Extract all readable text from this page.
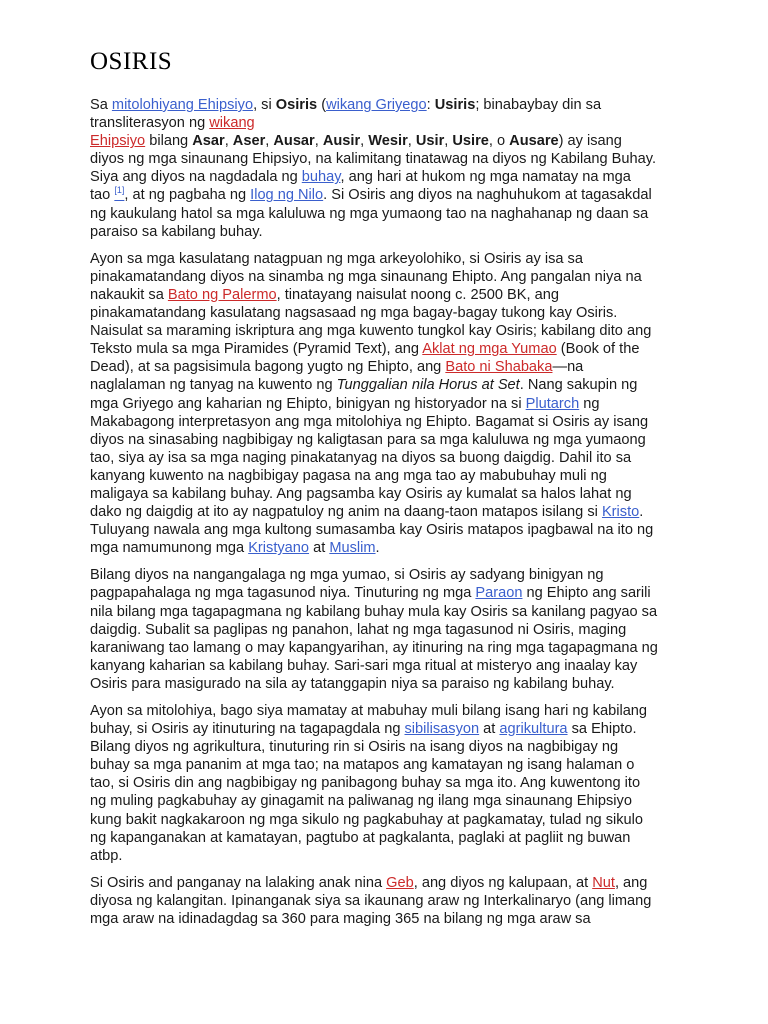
OSIRIS

Sa mitolohiyang Ehipsiyo, si Osiris (wikang Griyego: Usiris; binabaybay din sa
transliterasyon ng wikang
Ehipsiyo bilang Asar, Aser, Ausar, Ausir, Wesir, Usir, Usire, o Ausare) ay isang
diyos ng mga sinaunang Ehipsiyo, na kalimitang tinatawag na diyos ng Kabilang Buhay.
Siya ang diyos na nagdadala ng buhay, ang hari at hukom ng mga namatay na mga
tao [1], at ng pagbaha ng Ilog ng Nilo. Si Osiris ang diyos na naghuhukom at tagasakdal
ng kaukulang hatol sa mga kaluluwa ng mga yumaong tao na naghahanap ng daan sa
paraiso sa kabilang buhay.

Ayon sa mga kasulatang natagpuan ng mga arkeyolohiko, si Osiris ay isa sa
pinakamatandang diyos na sinamba ng mga sinaunang Ehipto. Ang pangalan niya na
nakaukit sa Bato ng Palermo, tinatayang naisulat noong c. 2500 BK, ang
pinakamatandang kasulatang nagsasaad ng mga bagay-bagay tukong kay Osiris.
Naisulat sa maraming iskriptura ang mga kuwento tungkol kay Osiris; kabilang dito ang
Teksto mula sa mga Piramides (Pyramid Text), ang Aklat ng mga Yumao (Book of the
Dead), at sa pagsisimula bagong yugto ng Ehipto, ang Bato ni Shabaka—na
naglalaman ng tanyag na kuwento ng Tunggalian nila Horus at Set. Nang sakupin ng
mga Griyego ang kaharian ng Ehipto, binigyan ng historyador na si Plutarch ng
Makabagong interpretasyon ang mga mitolohiya ng Ehipto. Bagamat si Osiris ay isang
diyos na sinasabing nagbibigay ng kaligtasan para sa mga kaluluwa ng mga yumaong
tao, siya ay isa sa mga naging pinakatanyag na diyos sa buong daigdig. Dahil ito sa
kanyang kuwento na nagbibigay pagasa na ang mga tao ay mabubuhay muli ng
maligaya sa kabilang buhay. Ang pagsamba kay Osiris ay kumalat sa halos lahat ng
dako ng daigdig at ito ay nagpatuloy ng anim na daang-taon matapos isilang si Kristo.
Tuluyang nawala ang mga kultong sumasamba kay Osiris matapos ipagbawal na ito ng
mga namumunong mga Kristyano at Muslim.

Bilang diyos na nangangalaga ng mga yumao, si Osiris ay sadyang binigyan ng
pagpapahalaga ng mga tagasunod niya. Tinuturing ng mga Paraon ng Ehipto ang sarili
nila bilang mga tagapagmana ng kabilang buhay mula kay Osiris sa kanilang pagyao sa
daigdig. Subalit sa paglipas ng panahon, lahat ng mga tagasunod ni Osiris, maging
karaniwang tao lamang o may kapangyarihan, ay itinuring na ring mga tagapagmana ng
kanyang kaharian sa kabilang buhay. Sari-sari mga ritual at misteryo ang inaalay kay
Osiris para masigurado na sila ay tatanggapin niya sa paraiso ng kabilang buhay.

Ayon sa mitolohiya, bago siya mamatay at mabuhay muli bilang isang hari ng kabilang
buhay, si Osiris ay itinuturing na tagapagdala ng sibilisasyon at agrikultura sa Ehipto.
Bilang diyos ng agrikultura, tinuturing rin si Osiris na isang diyos na nagbibigay ng
buhay sa mga pananim at mga tao; na matapos ang kamatayan ng isang halaman o
tao, si Osiris din ang nagbibigay ng panibagong buhay sa mga ito. Ang kuwentong ito
ng muling pagkabuhay ay ginagamit na paliwanag ng ilang mga sinaunang Ehipsiyo
kung bakit nagkakaroon ng mga sikulo ng pagkabuhay at pagkamatay, tulad ng sikulo
ng kapanganakan at kamatayan, pagtubo at pagkalanta, paglaki at pagliit ng buwan
atbp.

Si Osiris and panganay na lalaking anak nina Geb, ang diyos ng kalupaan, at Nut, ang
diyosa ng kalangitan. Ipinanganak siya sa ikaunang araw ng Interkalinaryo (ang limang
mga araw na idinadagdag sa 360 para maging 365 na bilang ng mga araw sa
